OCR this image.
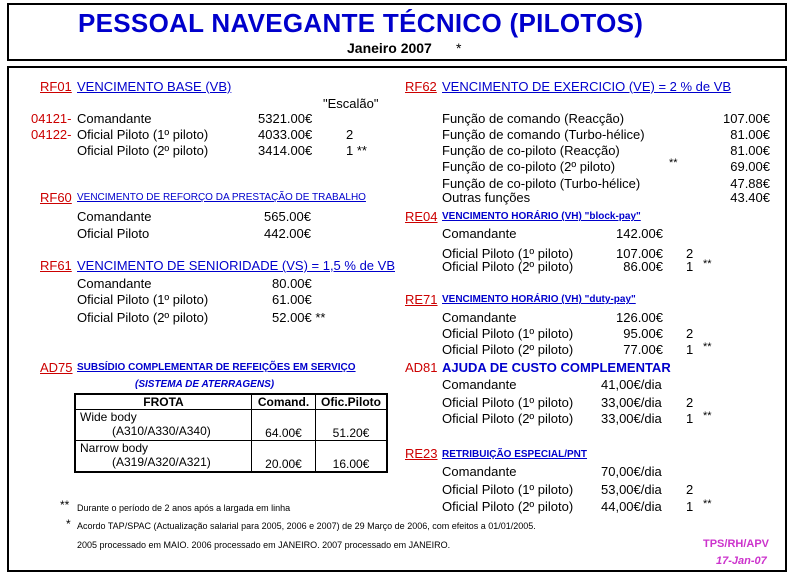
PESSOAL NAVEGANTE TÉCNICO (PILOTOS)
Janeiro 2007 *
RF01 VENCIMENTO BASE (VB)
"Escalão"
04121- Comandante	5321.00€
04122- Oficial Piloto (1º piloto)	4033.00€	2
Oficial Piloto (2º piloto)	3414.00€	1 **
RF60 VENCIMENTO DE REFORÇO DA PRESTAÇÃO DE TRABALHO
Comandante	565.00€
Oficial Piloto	442.00€
RF61 VENCIMENTO DE SENIORIDADE (VS) = 1,5 % de VB
Comandante	80.00€
Oficial Piloto (1º piloto)	61.00€
Oficial Piloto (2º piloto)	52.00€ **
AD75 SUBSÍDIO COMPLEMENTAR DE REFEIÇÕES EM SERVIÇO
(SISTEMA DE ATERRAGENS)
FROTA	Comand.	Ofic.Piloto

Wide body
(A310/A330/A340)	64.00€	51.20€

Narrow body
(A319/A320/A321)	20.00€	16.00€
** Durante o período de 2 anos após a largada em linha
* Acordo TAP/SPAC (Actualização salarial para 2005, 2006 e 2007) de 29 Março de 2006, com efeitos a 01/01/2005.
2005 processado em MAIO. 2006 processado em JANEIRO. 2007 processado em JANEIRO.
RF62 VENCIMENTO DE EXERCICIO (VE) = 2 % de VB
Função de comando (Reacção)	107.00€
Função de comando (Turbo-hélice)	81.00€
Função de co-piloto (Reacção)	81.00€
Função de co-piloto (2º piloto)	**	69.00€
Função de co-piloto (Turbo-hélice)	47.88€
Outras funções	43.40€
RE04 VENCIMENTO HORÁRIO (VH) "block-pay"
Comandante	142.00€
Oficial Piloto (1º piloto)	107.00€ 2
Oficial Piloto (2º piloto)	86.00€ 1 **
RE71 VENCIMENTO HORÁRIO (VH) "duty-pay"
Comandante	126.00€
Oficial Piloto (1º piloto)	95.00€ 2
Oficial Piloto (2º piloto)	77.00€ 1 **
AD81 AJUDA DE CUSTO COMPLEMENTAR
Comandante	41,00€/dia
Oficial Piloto (1º piloto) 33,00€/dia 2
Oficial Piloto (2º piloto) 33,00€/dia 1 **
RE23 RETRIBUIÇÃO ESPECIAL/PNT
Comandante	70,00€/dia
Oficial Piloto (1º piloto) 53,00€/dia 2
Oficial Piloto (2º piloto) 44,00€/dia 1 **
TPS/RH/APV
17-Jan-07
